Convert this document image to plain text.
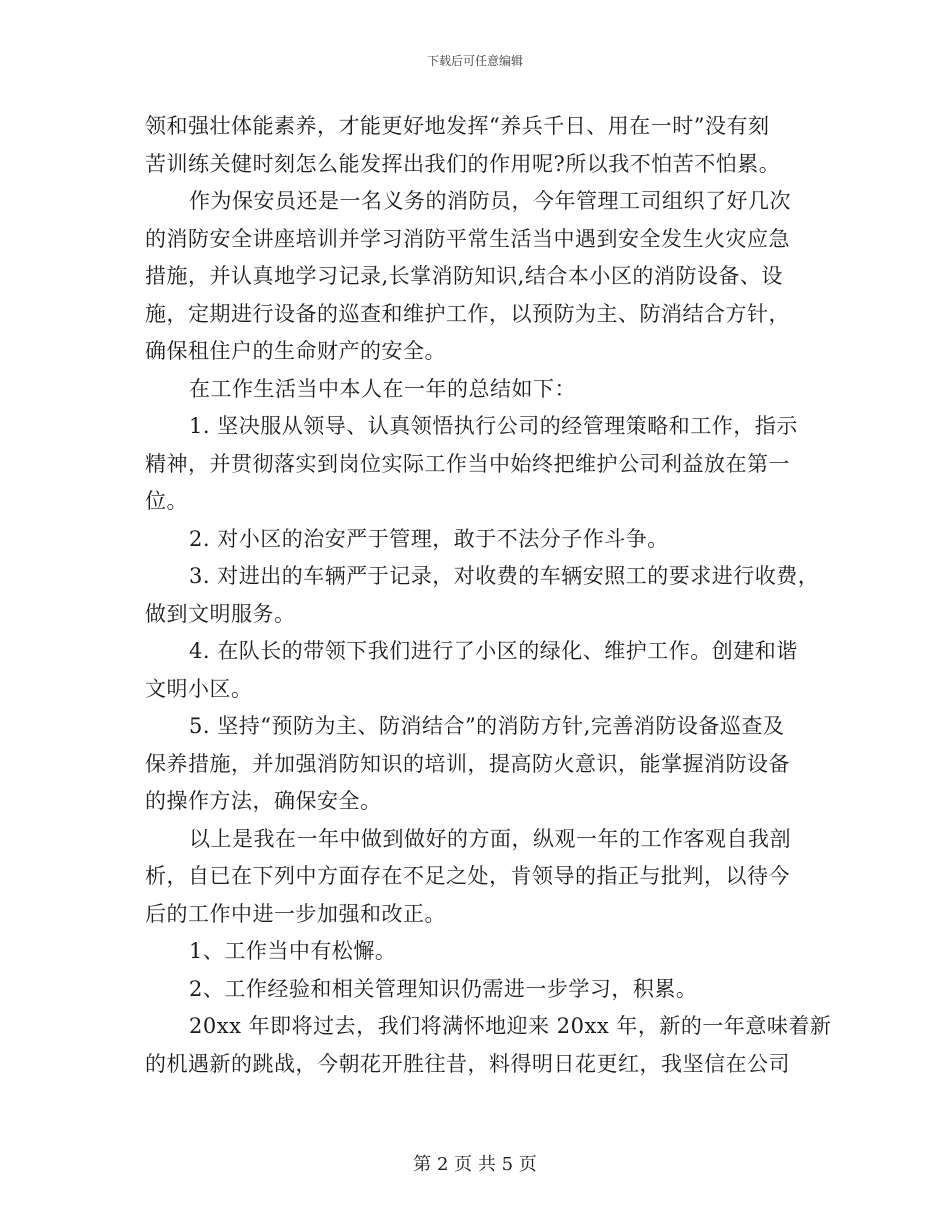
下载后可任意编辑
领和强壮体能素养，才能更好地发挥“养兵千日、用在一时”没有刻
苦训练关健时刻怎么能发挥出我们的作用呢?所以我不怕苦不怕累。
作为保安员还是一名义务的消防员，今年管理工司组织了好几次
的消防安全讲座培训并学习消防平常生活当中遇到安全发生火灾应急
措施，并认真地学习记录,长掌消防知识,结合本小区的消防设备、设
施，定期进行设备的巡查和维护工作，以预防为主、防消结合方针，
确保租住户的生命财产的安全。
在工作生活当中本人在一年的总结如下：
1. 坚决服从领导、认真领悟执行公司的经管理策略和工作，指示
精神，并贯彻落实到岗位实际工作当中始终把维护公司利益放在第一
位。
2. 对小区的治安严于管理，敢于不法分子作斗争。
3. 对进出的车辆严于记录，对收费的车辆安照工的要求进行收费，
做到文明服务。
4. 在队长的带领下我们进行了小区的绿化、维护工作。创建和谐
文明小区。
5. 坚持“预防为主、防消结合”的消防方针,完善消防设备巡查及
保养措施，并加强消防知识的培训，提高防火意识，能掌握消防设备
的操作方法，确保安全。
以上是我在一年中做到做好的方面，纵观一年的工作客观自我剖
析，自已在下列中方面存在不足之处，肯领导的指正与批判，以待今
后的工作中进一步加强和改正。
1、工作当中有松懈。
2、工作经验和相关管理知识仍需进一步学习，积累。
20xx 年即将过去，我们将满怀地迎来 20xx 年，新的一年意味着新
的机遇新的跳战，今朝花开胜往昔，料得明日花更红，我坚信在公司
第 2 页 共 5 页
